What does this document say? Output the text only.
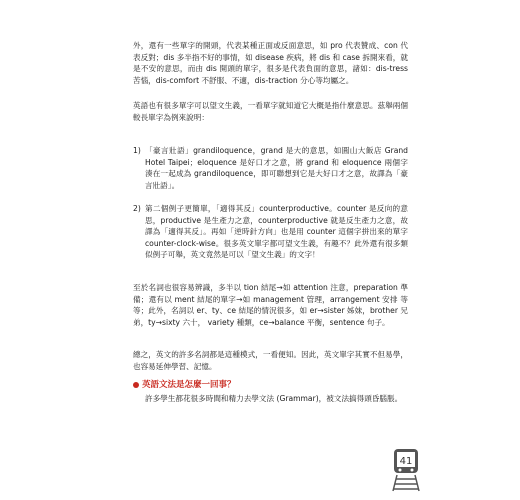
外，還有一些單字的開頭，代表某種正面或反面意思，如 pro 代表贊成、con 代表反對；dis 多半指不好的事情，如 disease 疾病，將 dis 和 case 拆開來看，就是不安的意思，而由 dis 開頭的單字，很多是代表負面的意思，諸如：dis-tress 苦惱，dis-comfort 不舒服、不適，dis-traction 分心等均屬之。

英語也有很多單字可以望文生義，一看單字就知道它大概是指什麼意思。茲舉兩個較長單字為例來說明：

1) 「豪言壯語」grandiloquence，grand 是大的意思，如圓山大飯店 Grand Hotel Taipei；eloquence 是好口才之意，將 grand 和 eloquence 兩個字湊在一起成為 grandiloquence，即可聯想到它是大好口才之意，故譯為「豪言壯語」。
2) 第二個例子更簡單，「適得其反」counterproductive。counter 是反向的意思，productive 是生產力之意，counterproductive 就是反生產力之意，故譯為「適得其反」。再如「逆時針方向」也是用 counter 這個字拼出來的單字 counter-clock-wise。很多英文單字都可望文生義，有趣不？此外還有很多類似例子可舉，英文竟然是可以「望文生義」的文字！

至於名詞也很容易辨識，多半以 tion 結尾→如 attention 注意，preparation 準備；還有以 ment 結尾的單字→如 management 管理，arrangement 安排 等等；此外，名詞以 er、ty、ce 結尾的情況很多，如 er→sister 姊妹，brother 兄弟，ty→sixty 六十， variety 種類，ce→balance 平衡，sentence 句子。

總之，英文的許多名詞都是這種模式，一看便知。因此，英文單字其實不但易學，也容易延伸學習、記憶。

英語文法是怎麼一回事？

許多學生都花很多時間和精力去學文法 (Grammar)，被文法搞得頭昏腦脹。

41
